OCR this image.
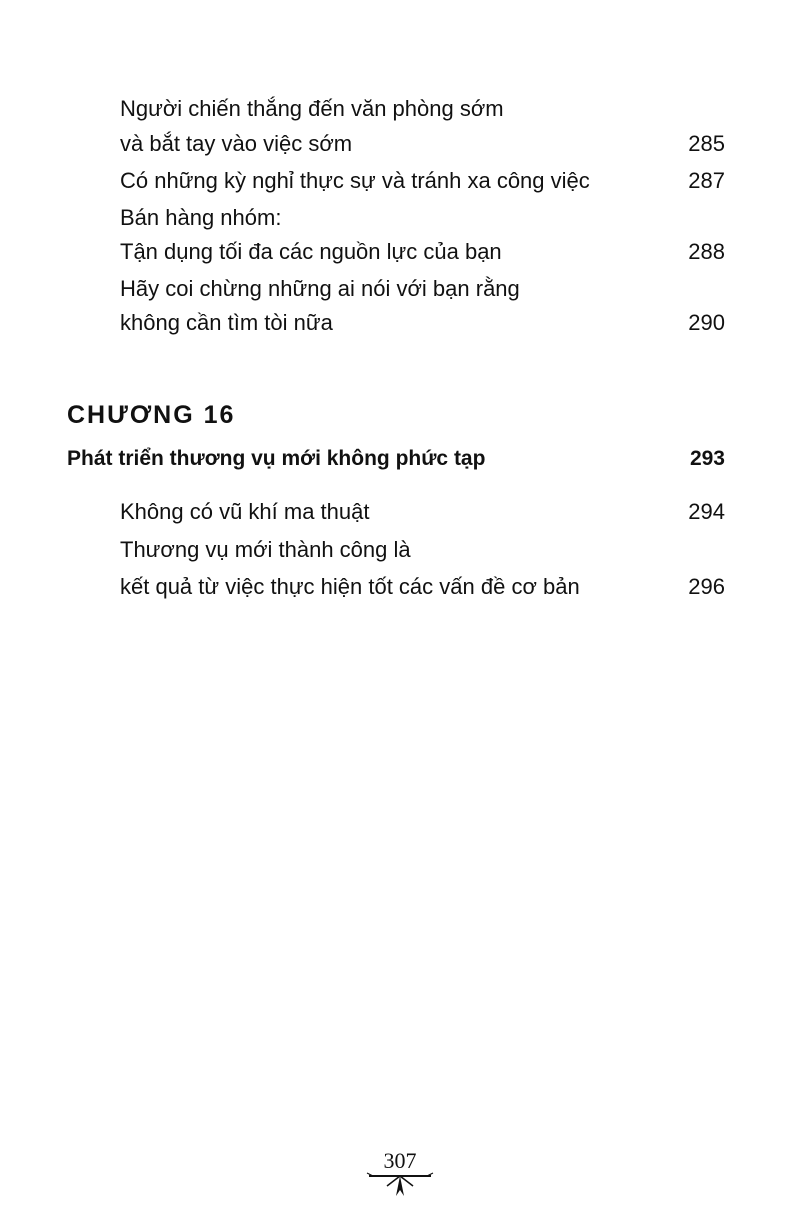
Người chiến thắng đến văn phòng sớm
và bắt tay vào việc sớm	285
Có những kỳ nghỉ thực sự và tránh xa công việc	287
Bán hàng nhóm:
Tận dụng tối đa các nguồn lực của bạn	288
Hãy coi chừng những ai nói với bạn rằng
không cần tìm tòi nữa	290
CHƯƠNG 16
Phát triển thương vụ mới không phức tạp	293
Không có vũ khí ma thuật	294
Thương vụ mới thành công là
kết quả từ việc thực hiện tốt các vấn đề cơ bản	296
307
